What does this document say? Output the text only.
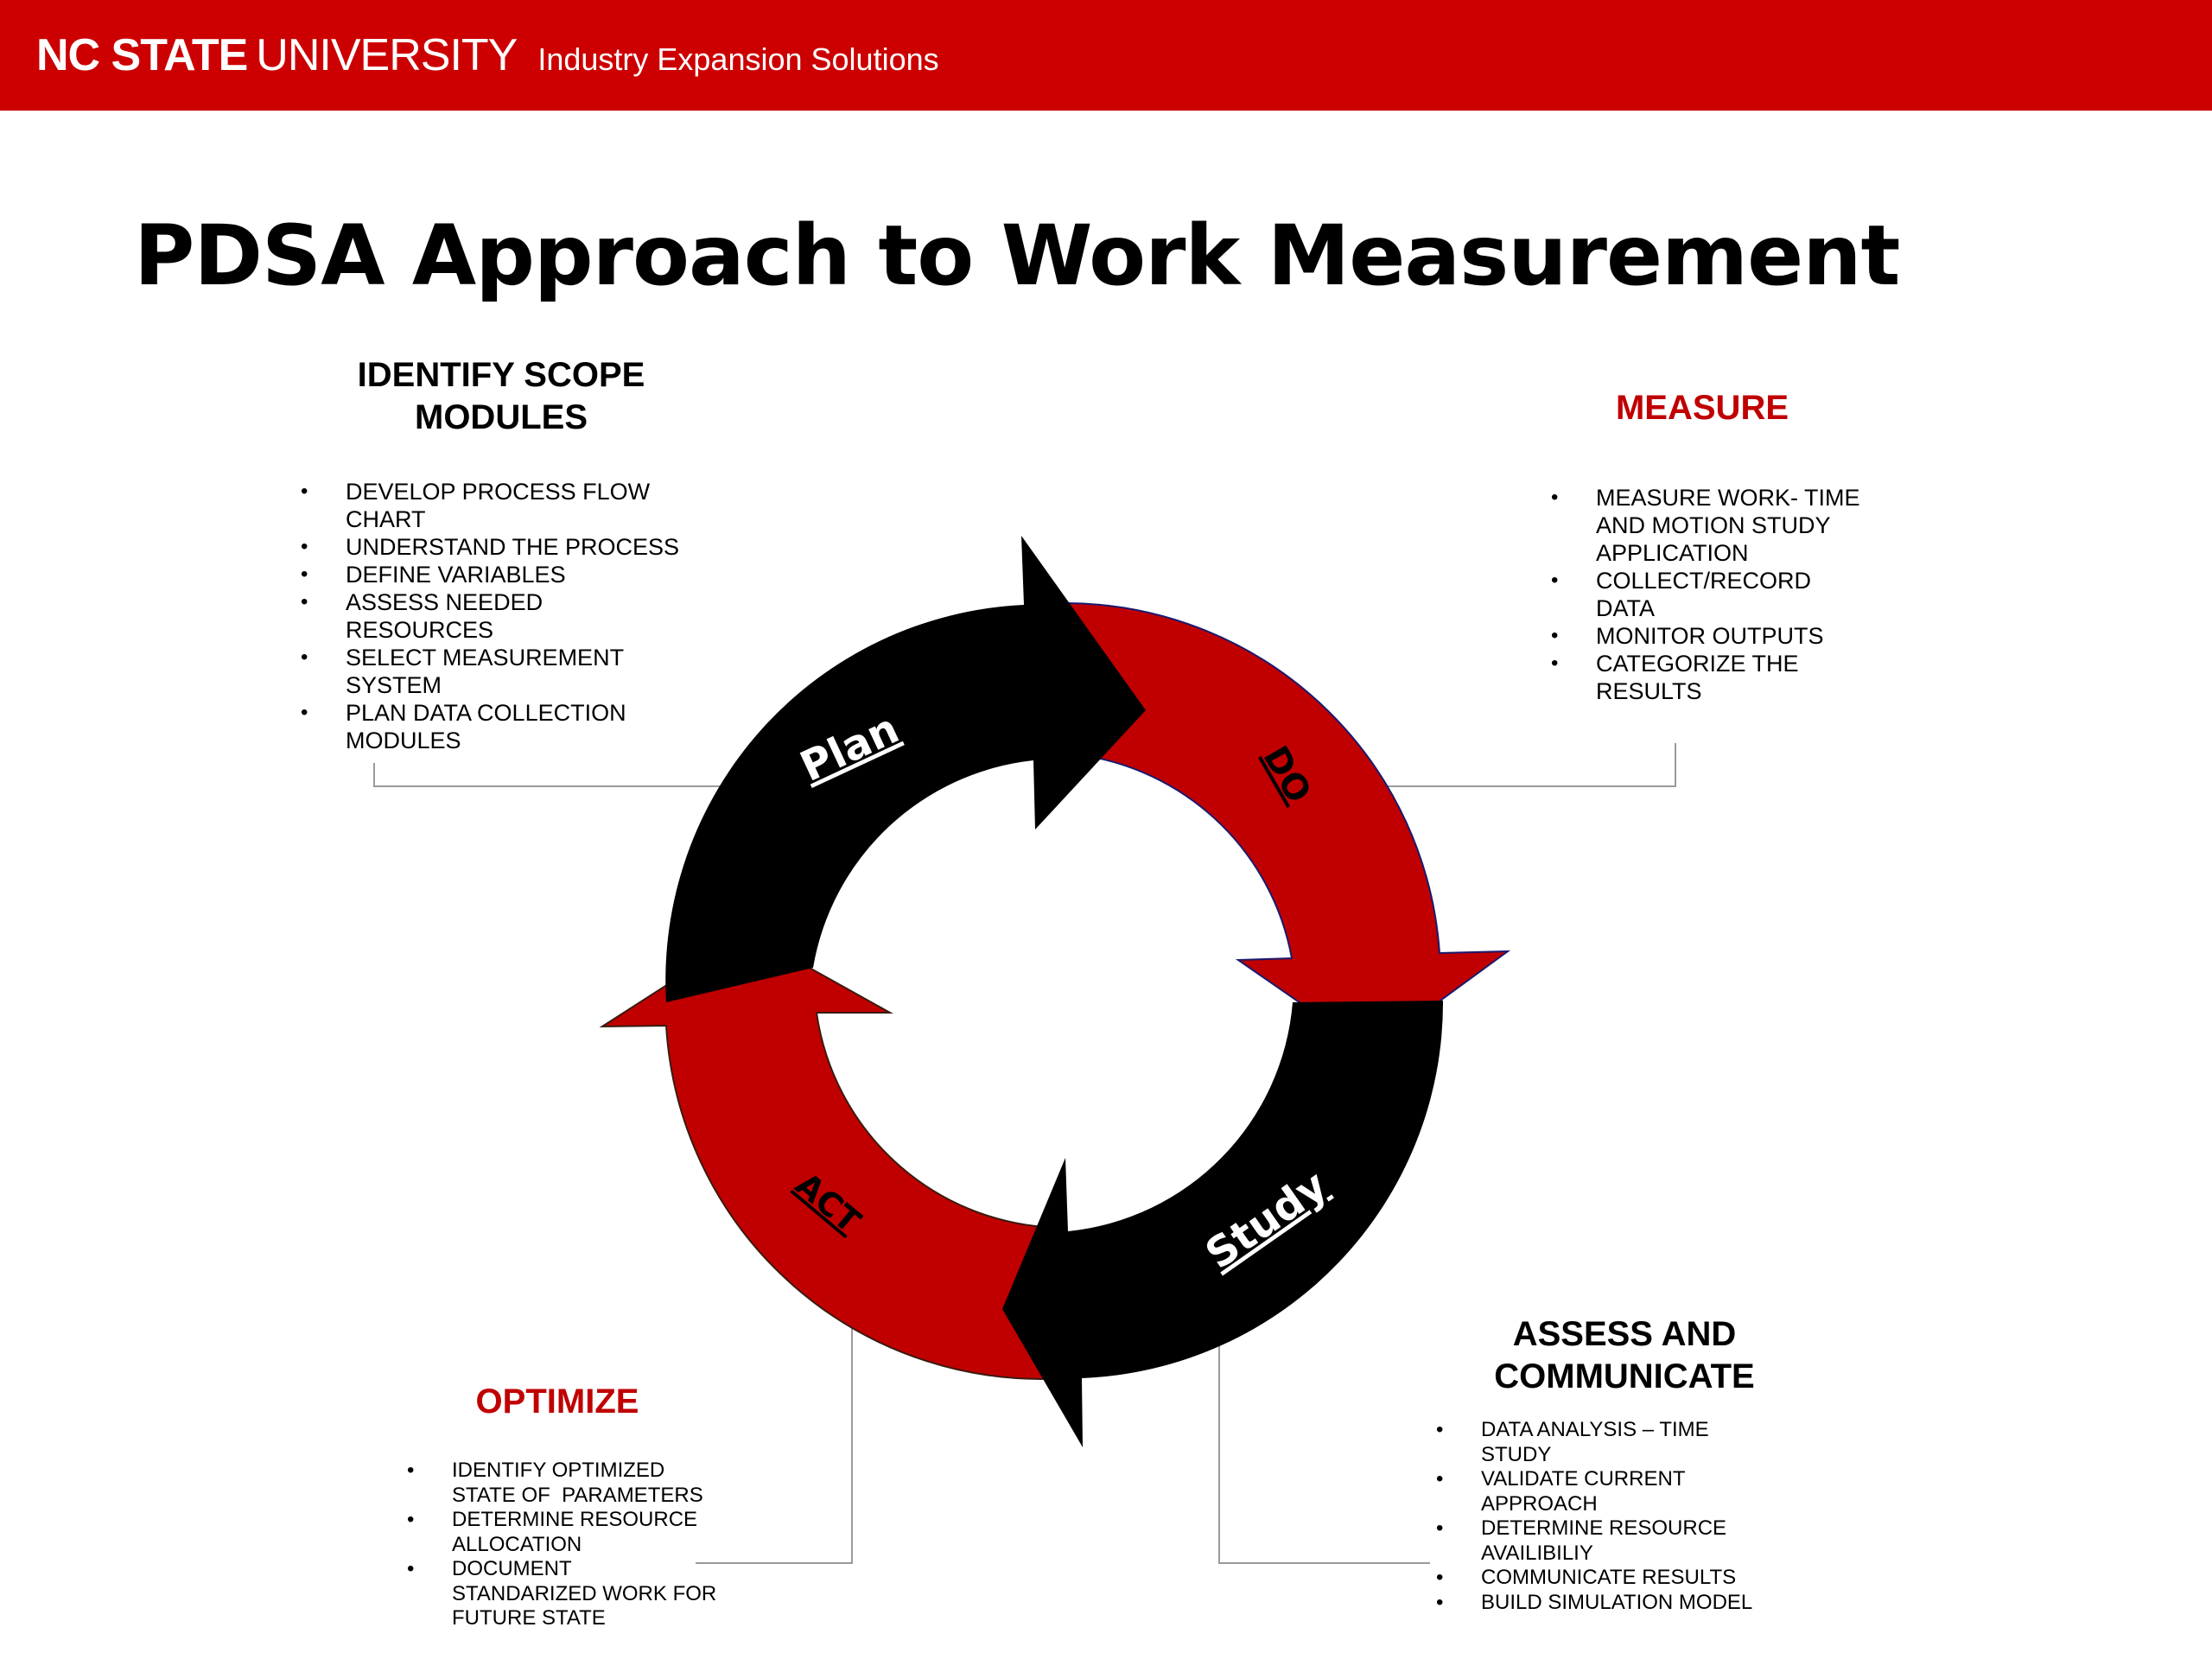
NC STATE UNIVERSITY Industry Expansion Solutions
PDSA Approach to Work Measurement
Plan	DO
Study
ACT
IDENTIFY SCOPE
MODULES
• DEVELOP PROCESS FLOW
CHART
• UNDERSTAND THE PROCESS
• DEFINE VARIABLES
• ASSESS NEEDED
RESOURCES
• SELECT MEASUREMENT
SYSTEM
• PLAN DATA COLLECTION
MODULES
MEASURE
• MEASURE WORK- TIME
AND MOTION STUDY
APPLICATION
• COLLECT/RECORD
DATA
• MONITOR OUTPUTS
• CATEGORIZE THE
RESULTS
ASSESS AND
COMMUNICATE
• DATA ANALYSIS – TIME
STUDY
• VALIDATE CURRENT
APPROACH
• DETERMINE RESOURCE
AVAILIBILIY
• COMMUNICATE RESULTS
• BUILD SIMULATION MODEL
OPTIMIZE
• IDENTIFY OPTIMIZED
STATE OF  PARAMETERS
• DETERMINE RESOURCE
ALLOCATION
• DOCUMENT
STANDARIZED WORK FOR
FUTURE STATE
